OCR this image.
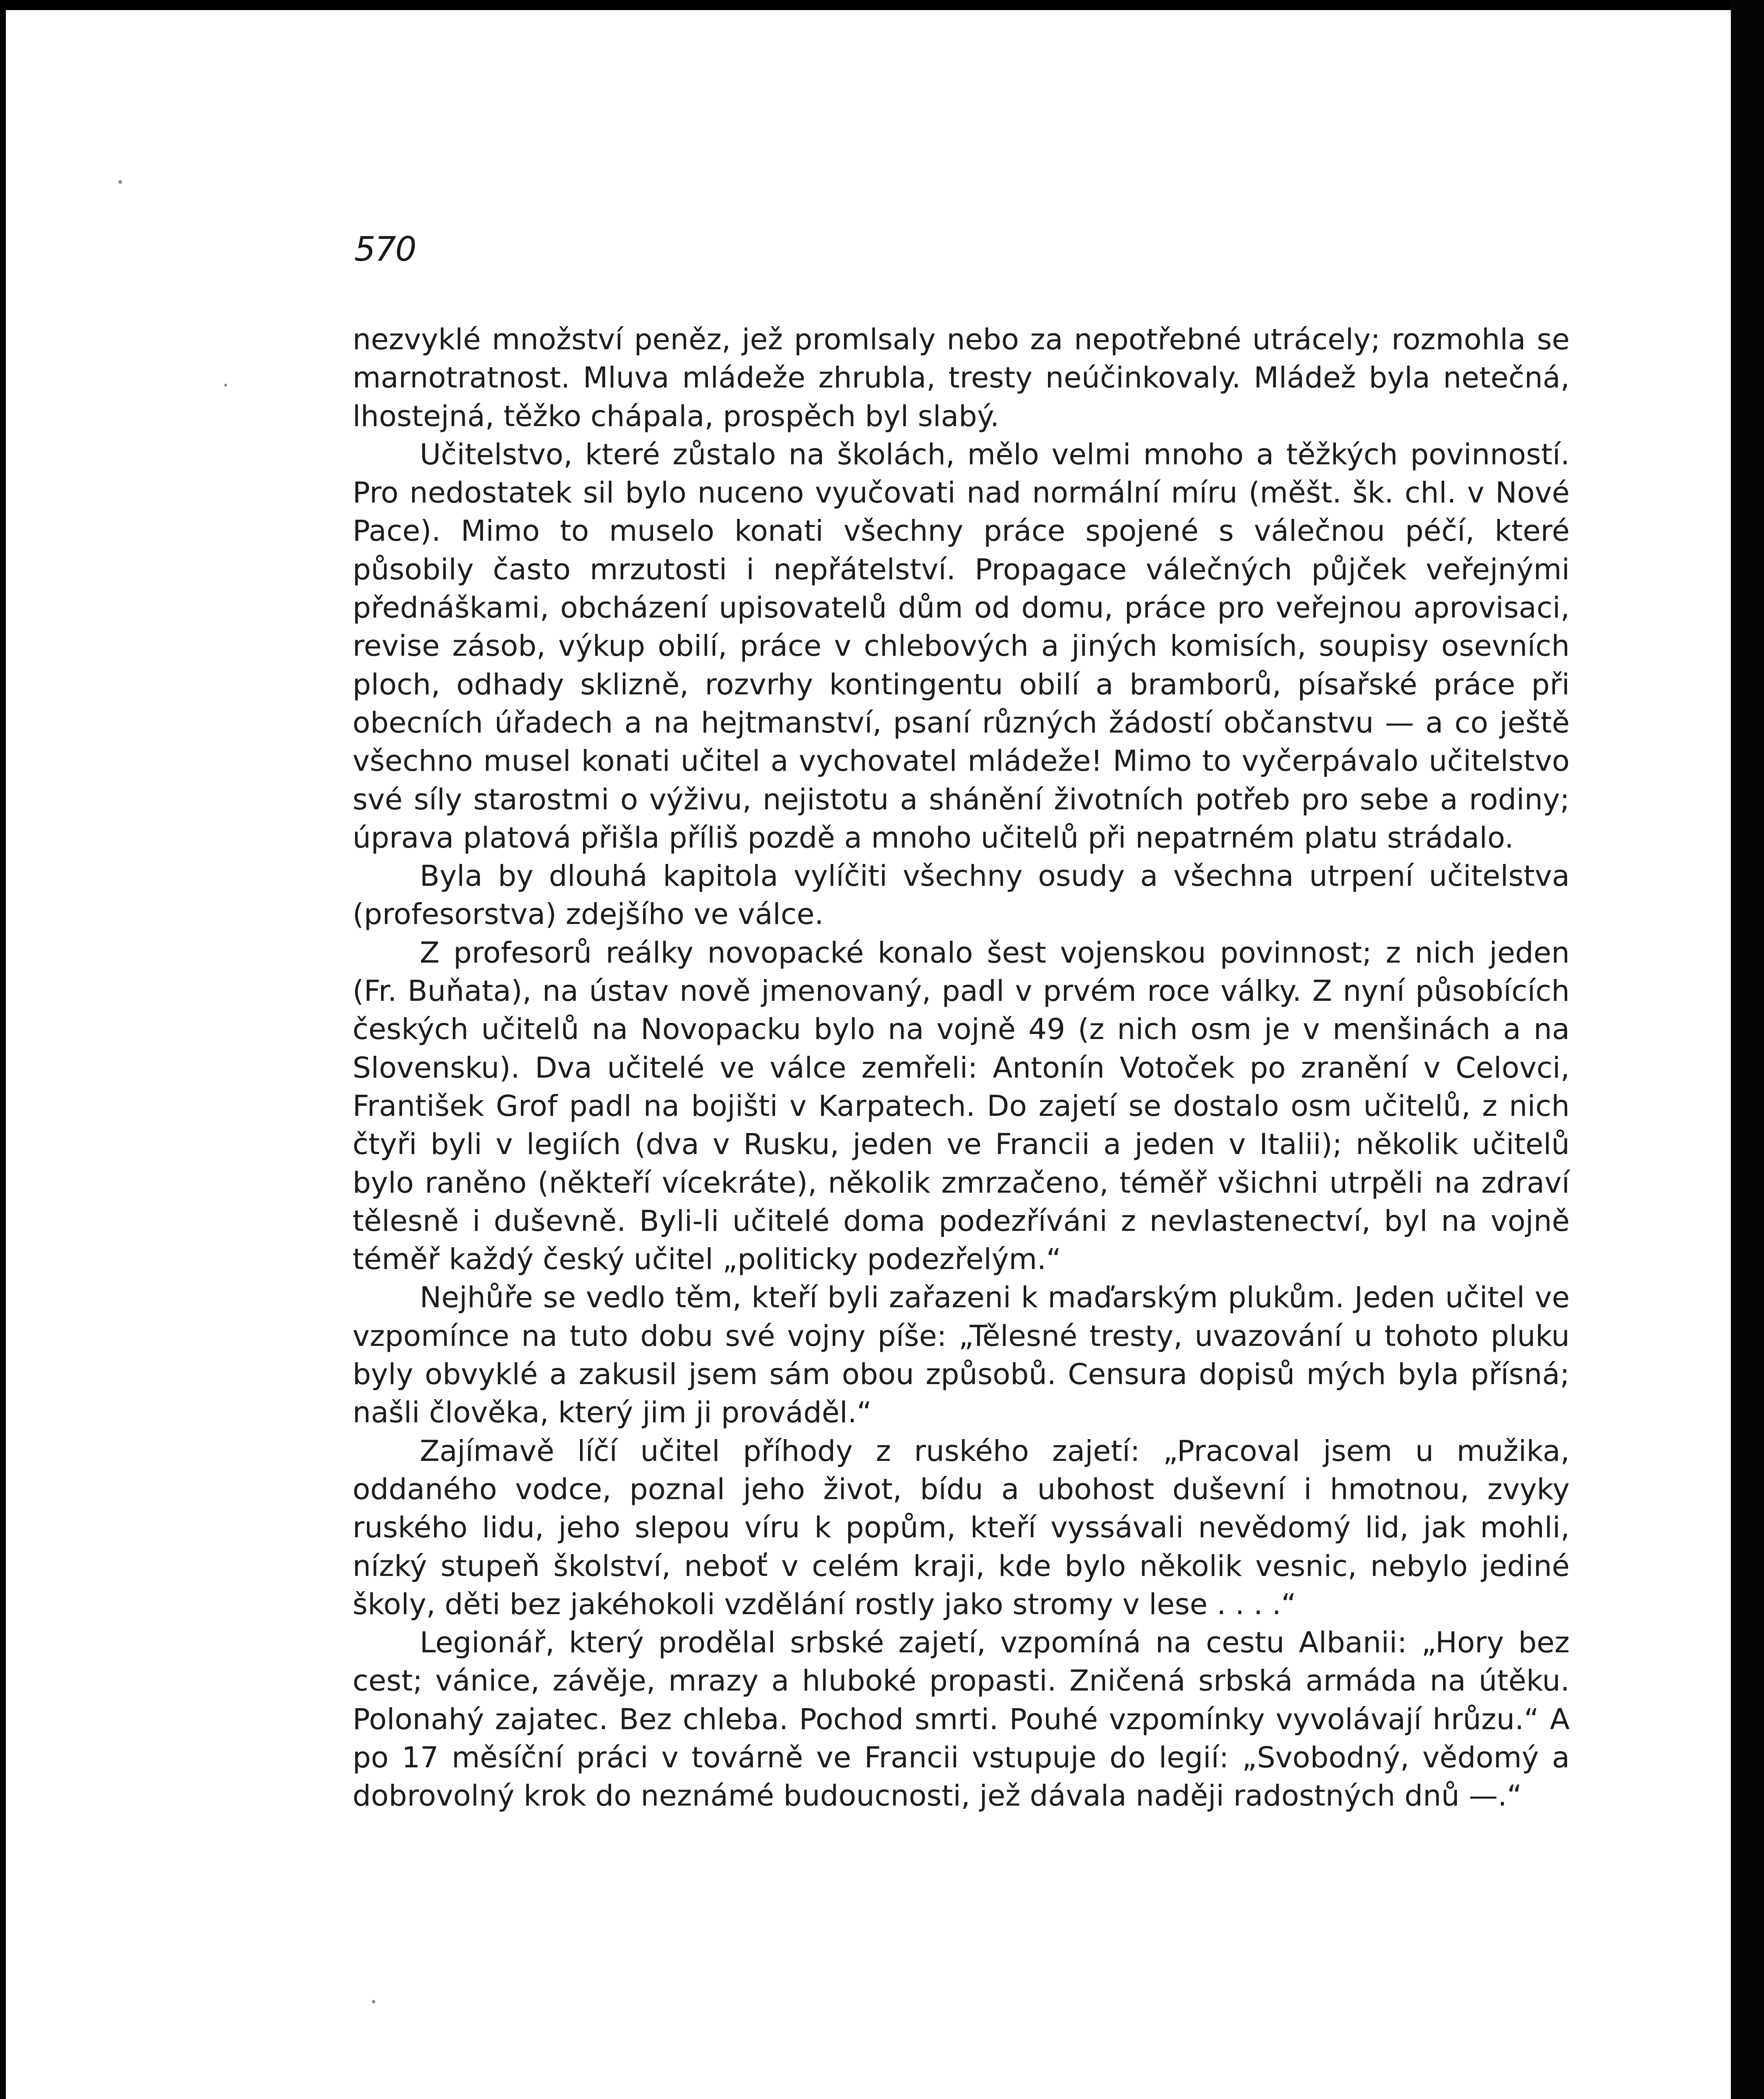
570

nezvyklé množství peněz, jež promlsaly nebo za nepotřebné utrácely; rozmohla se marnotratnost. Mluva mládeže zhrubla, tresty neúčinkovaly. Mládež byla netečná, lhostejná, těžko chápala, prospěch byl slabý.

Učitelstvo, které zůstalo na školách, mělo velmi mnoho a těžkých povinností. Pro nedostatek sil bylo nuceno vyučovati nad normální míru (měšt. šk. chl. v Nové Pace). Mimo to muselo konati všechny práce spojené s válečnou péčí, které působily často mrzutosti i nepřátelství. Propagace válečných půjček veřejnými přednáškami, obcházení upisovatelů dům od domu, práce pro veřejnou aprovisaci, revise zásob, výkup obilí, práce v chlebových a jiných komisích, soupisy osevních ploch, odhady sklizně, rozvrhy kontingentu obilí a bramborů, písařské práce při obecních úřadech a na hejtmanství, psaní různých žádostí občanstvu — a co ještě všechno musel konati učitel a vychovatel mládeže! Mimo to vyčerpávalo učitelstvo své síly starostmi o výživu, nejistotu a shánění životních potřeb pro sebe a rodiny; úprava platová přišla příliš pozdě a mnoho učitelů při nepatrném platu strádalo.

Byla by dlouhá kapitola vylíčiti všechny osudy a všechna utrpení učitelstva (profesorstva) zdejšího ve válce.

Z profesorů reálky novopacké konalo šest vojenskou povinnost; z nich jeden (Fr. Buňata), na ústav nově jmenovaný, padl v prvém roce války. Z nyní působících českých učitelů na Novopacku bylo na vojně 49 (z nich osm je v menšinách a na Slovensku). Dva učitelé ve válce zemřeli: Antonín Votoček po zranění v Celovci, František Grof padl na bojišti v Karpatech. Do zajetí se dostalo osm učitelů, z nich čtyři byli v legiích (dva v Rusku, jeden ve Francii a jeden v Italii); několik učitelů bylo raněno (někteří vícekráte), několik zmrzačeno, téměř všichni utrpěli na zdraví tělesně i duševně. Byli-li učitelé doma podezříváni z nevlastenectví, byl na vojně téměř každý český učitel „politicky podezřelým.“

Nejhůře se vedlo těm, kteří byli zařazeni k maďarským plukům. Jeden učitel ve vzpomínce na tuto dobu své vojny píše: „Tělesné tresty, uvazování u tohoto pluku byly obvyklé a zakusil jsem sám obou způsobů. Censura dopisů mých byla přísná; našli člověka, který jim ji prováděl.“

Zajímavě líčí učitel příhody z ruského zajetí: „Pracoval jsem u mužika, oddaného vodce, poznal jeho život, bídu a ubohost duševní i hmotnou, zvyky ruského lidu, jeho slepou víru k popům, kteří vyssávali nevědomý lid, jak mohli, nízký stupeň školství, neboť v celém kraji, kde bylo několik vesnic, nebylo jediné školy, děti bez jakéhokoli vzdělání rostly jako stromy v lese . . . .“

Legionář, který prodělal srbské zajetí, vzpomíná na cestu Albanii: „Hory bez cest; vánice, závěje, mrazy a hluboké propasti. Zničená srbská armáda na útěku. Polonahý zajatec. Bez chleba. Pochod smrti. Pouhé vzpomínky vyvolávají hrůzu.“ A po 17 měsíční práci v továrně ve Francii vstupuje do legií: „Svobodný, vědomý a dobrovolný krok do neznámé budoucnosti, jež dávala naději radostných dnů —.“
